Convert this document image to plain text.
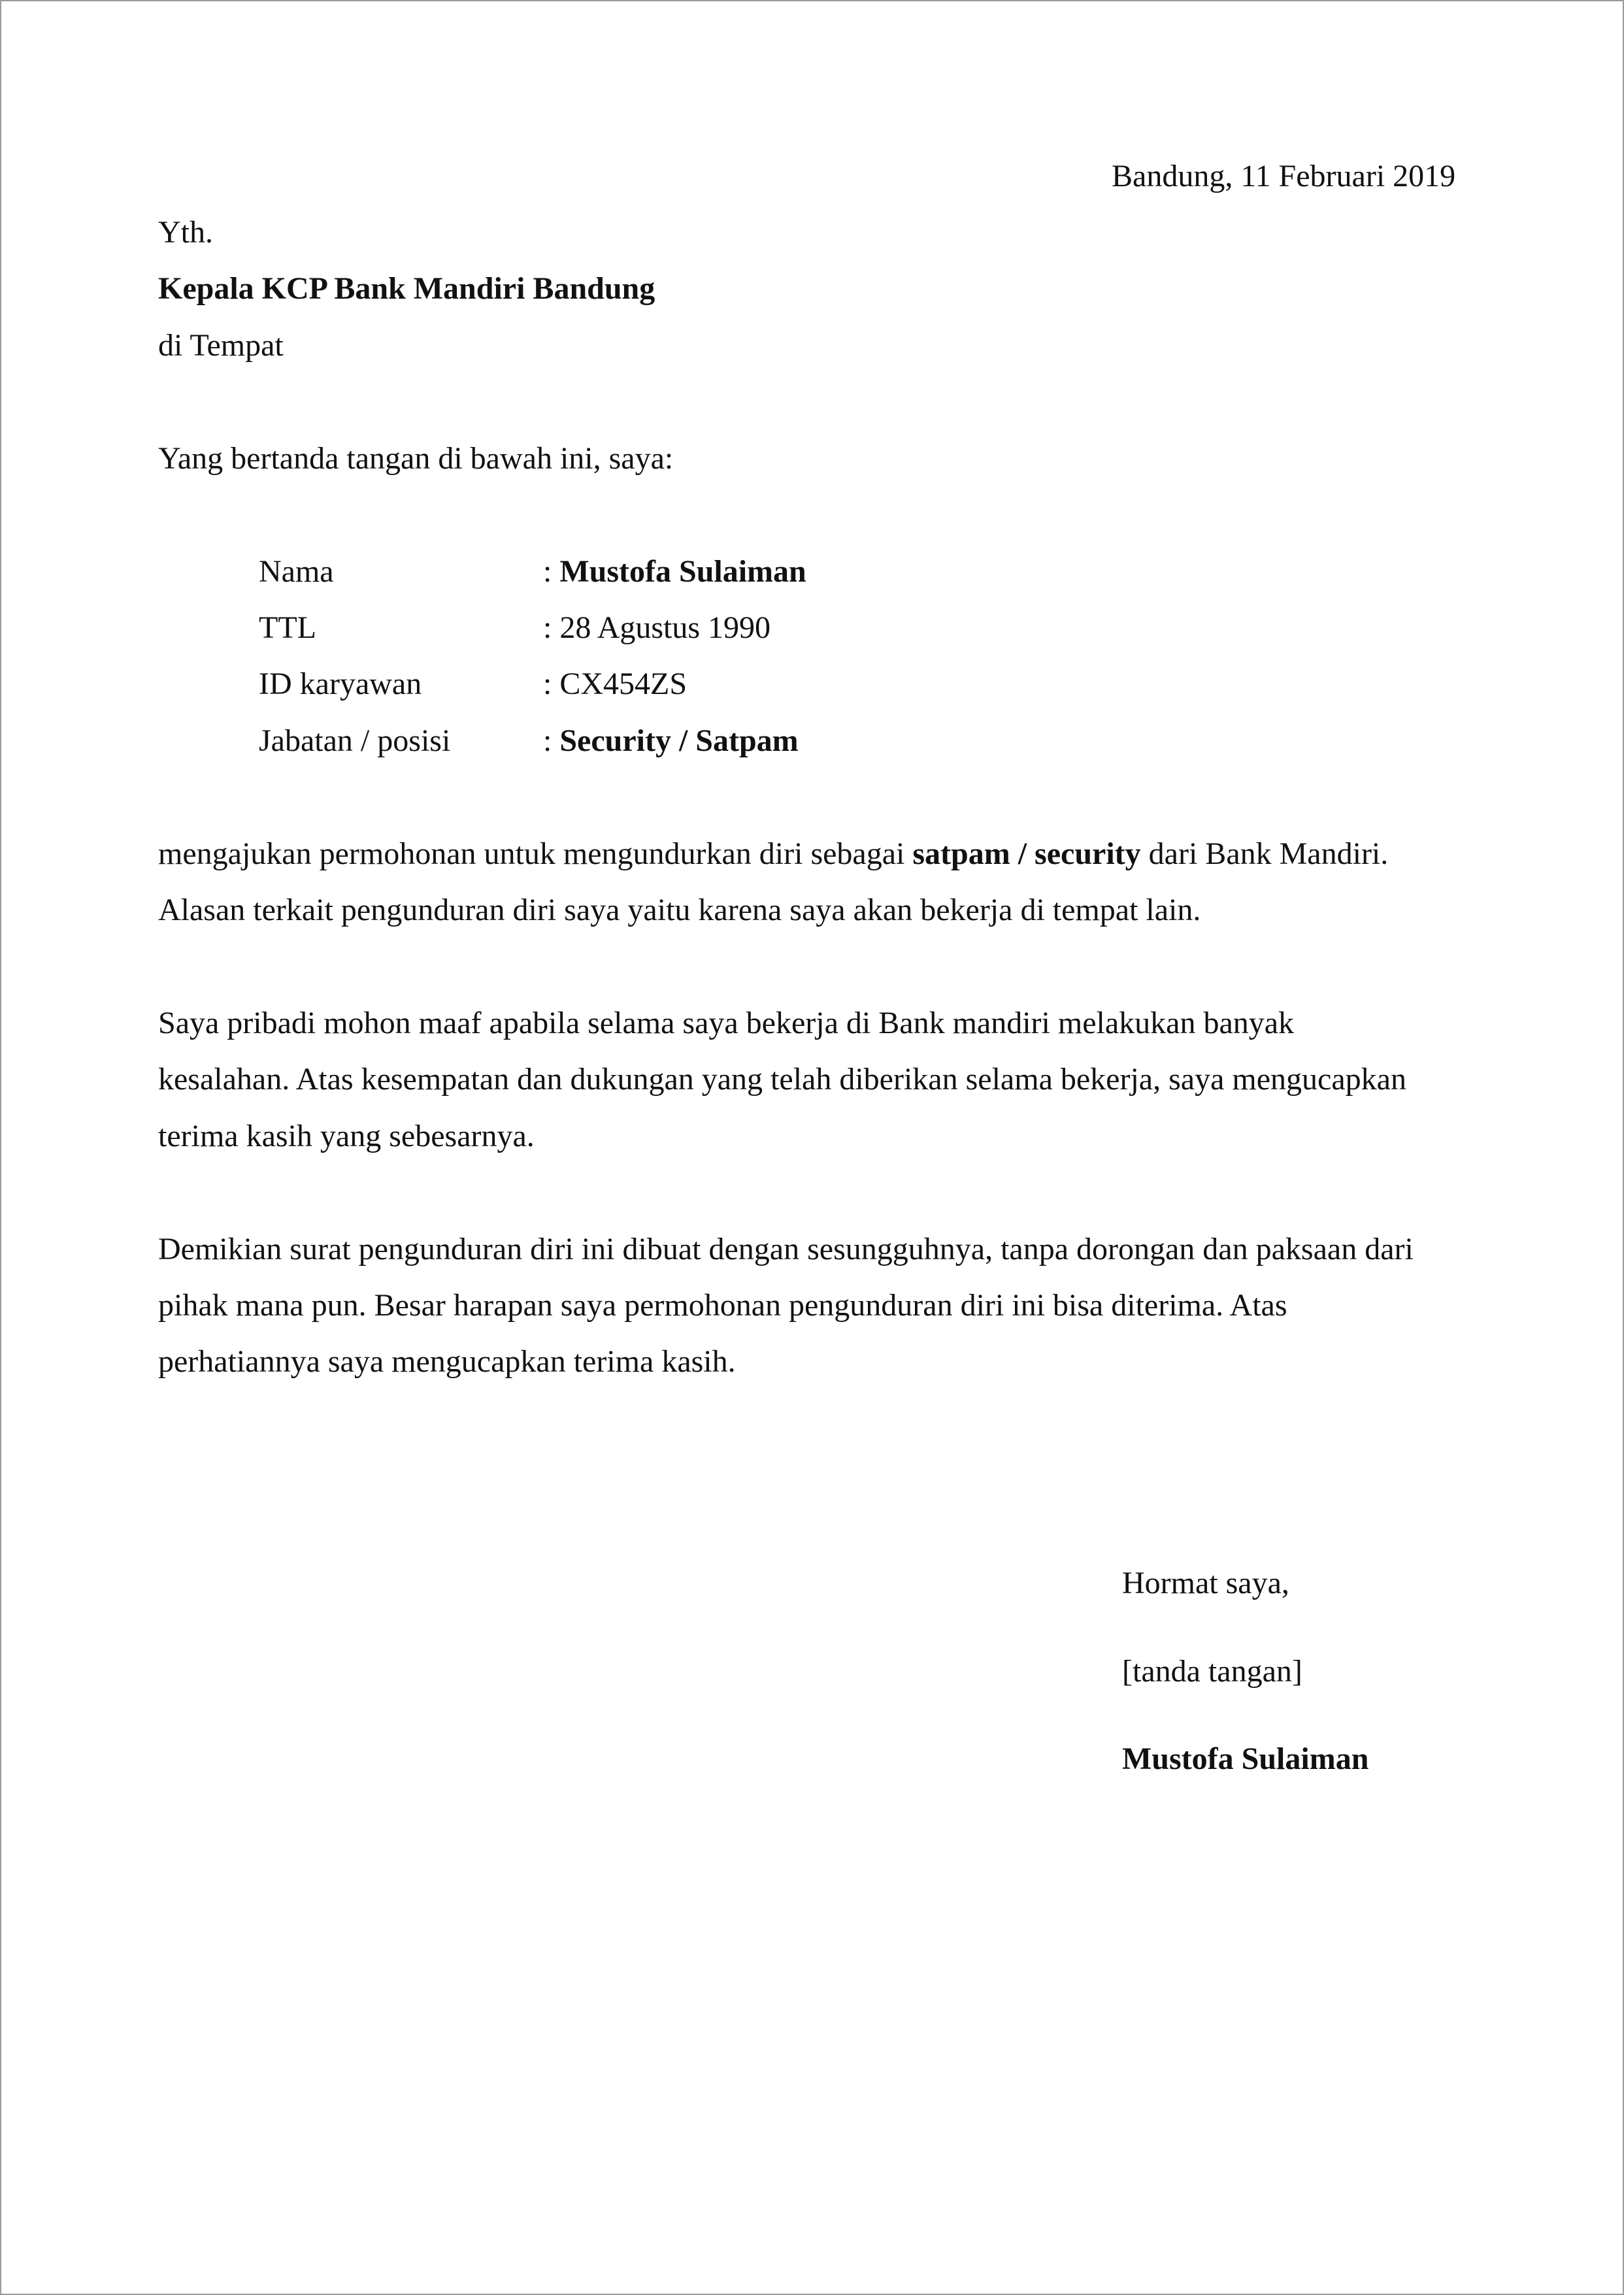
Bandung, 11 Februari 2019
Yth.
Kepala KCP Bank Mandiri Bandung
di Tempat
Yang bertanda tangan di bawah ini, saya:
Nama	: Mustofa Sulaiman
TTL	: 28 Agustus 1990
ID karyawan	: CX454ZS
Jabatan / posisi	: Security / Satpam
mengajukan permohonan untuk mengundurkan diri sebagai satpam / security dari Bank Mandiri.
Alasan terkait pengunduran diri saya yaitu karena saya akan bekerja di tempat lain.
Saya pribadi mohon maaf apabila selama saya bekerja di Bank mandiri melakukan banyak
kesalahan. Atas kesempatan dan dukungan yang telah diberikan selama bekerja, saya mengucapkan
terima kasih yang sebesarnya.
Demikian surat pengunduran diri ini dibuat dengan sesungguhnya, tanpa dorongan dan paksaan dari
pihak mana pun. Besar harapan saya permohonan pengunduran diri ini bisa diterima. Atas
perhatiannya saya mengucapkan terima kasih.
Hormat saya,
[tanda tangan]
Mustofa Sulaiman
